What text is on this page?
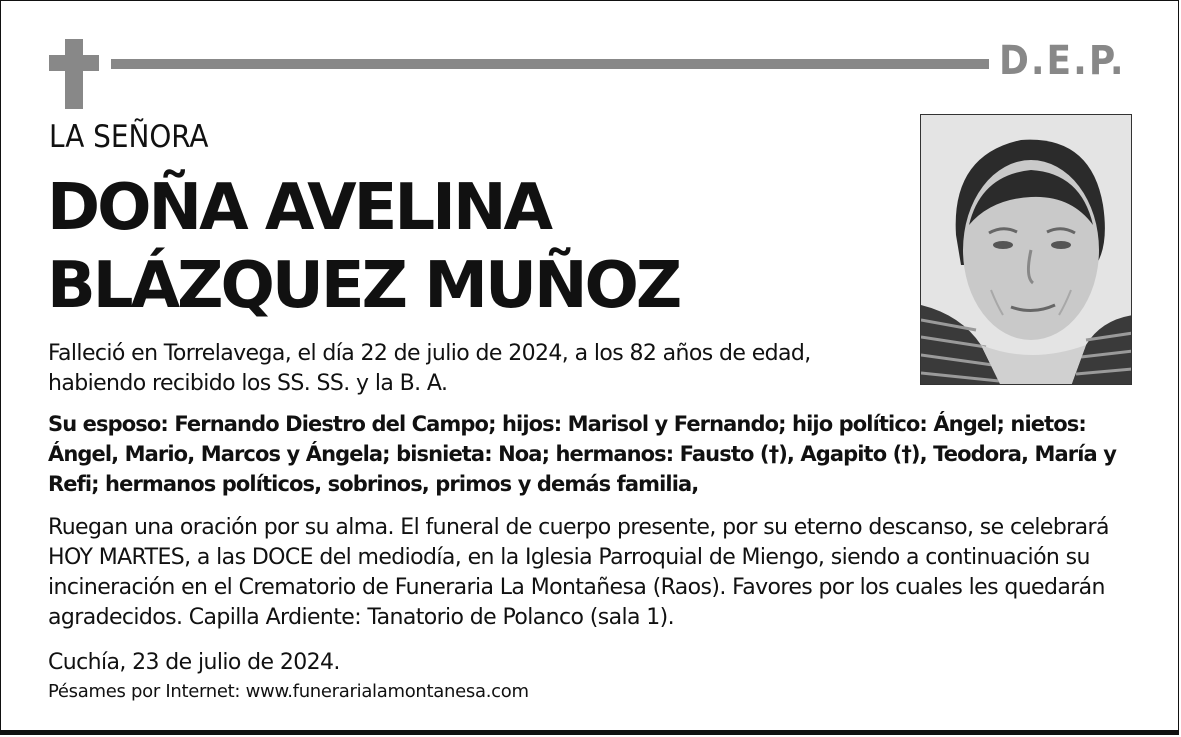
D.E.P.
LA SEÑORA
DOÑA AVELINA
BLÁZQUEZ MUÑOZ
Falleció en Torrelavega, el día 22 de julio de 2024, a los 82 años de edad, habiendo recibido los SS. SS. y la B. A.
Su esposo: Fernando Diestro del Campo; hijos: Marisol y Fernando; hijo político: Ángel; nietos: Ángel, Mario, Marcos y Ángela; bisnieta: Noa; hermanos: Fausto (†), Agapito (†), Teodora, María y Refi; hermanos políticos, sobrinos, primos y demás familia,
Ruegan una oración por su alma. El funeral de cuerpo presente, por su eterno descanso, se celebrará HOY MARTES, a las DOCE del mediodía, en la Iglesia Parroquial de Miengo, siendo a continuación su incineración en el Crematorio de Funeraria La Montañesa (Raos). Favores por los cuales les quedarán agradecidos. Capilla Ardiente: Tanatorio de Polanco (sala 1).
Cuchía, 23 de julio de 2024.
Pésames por Internet: www.funerarialamontanesa.com
